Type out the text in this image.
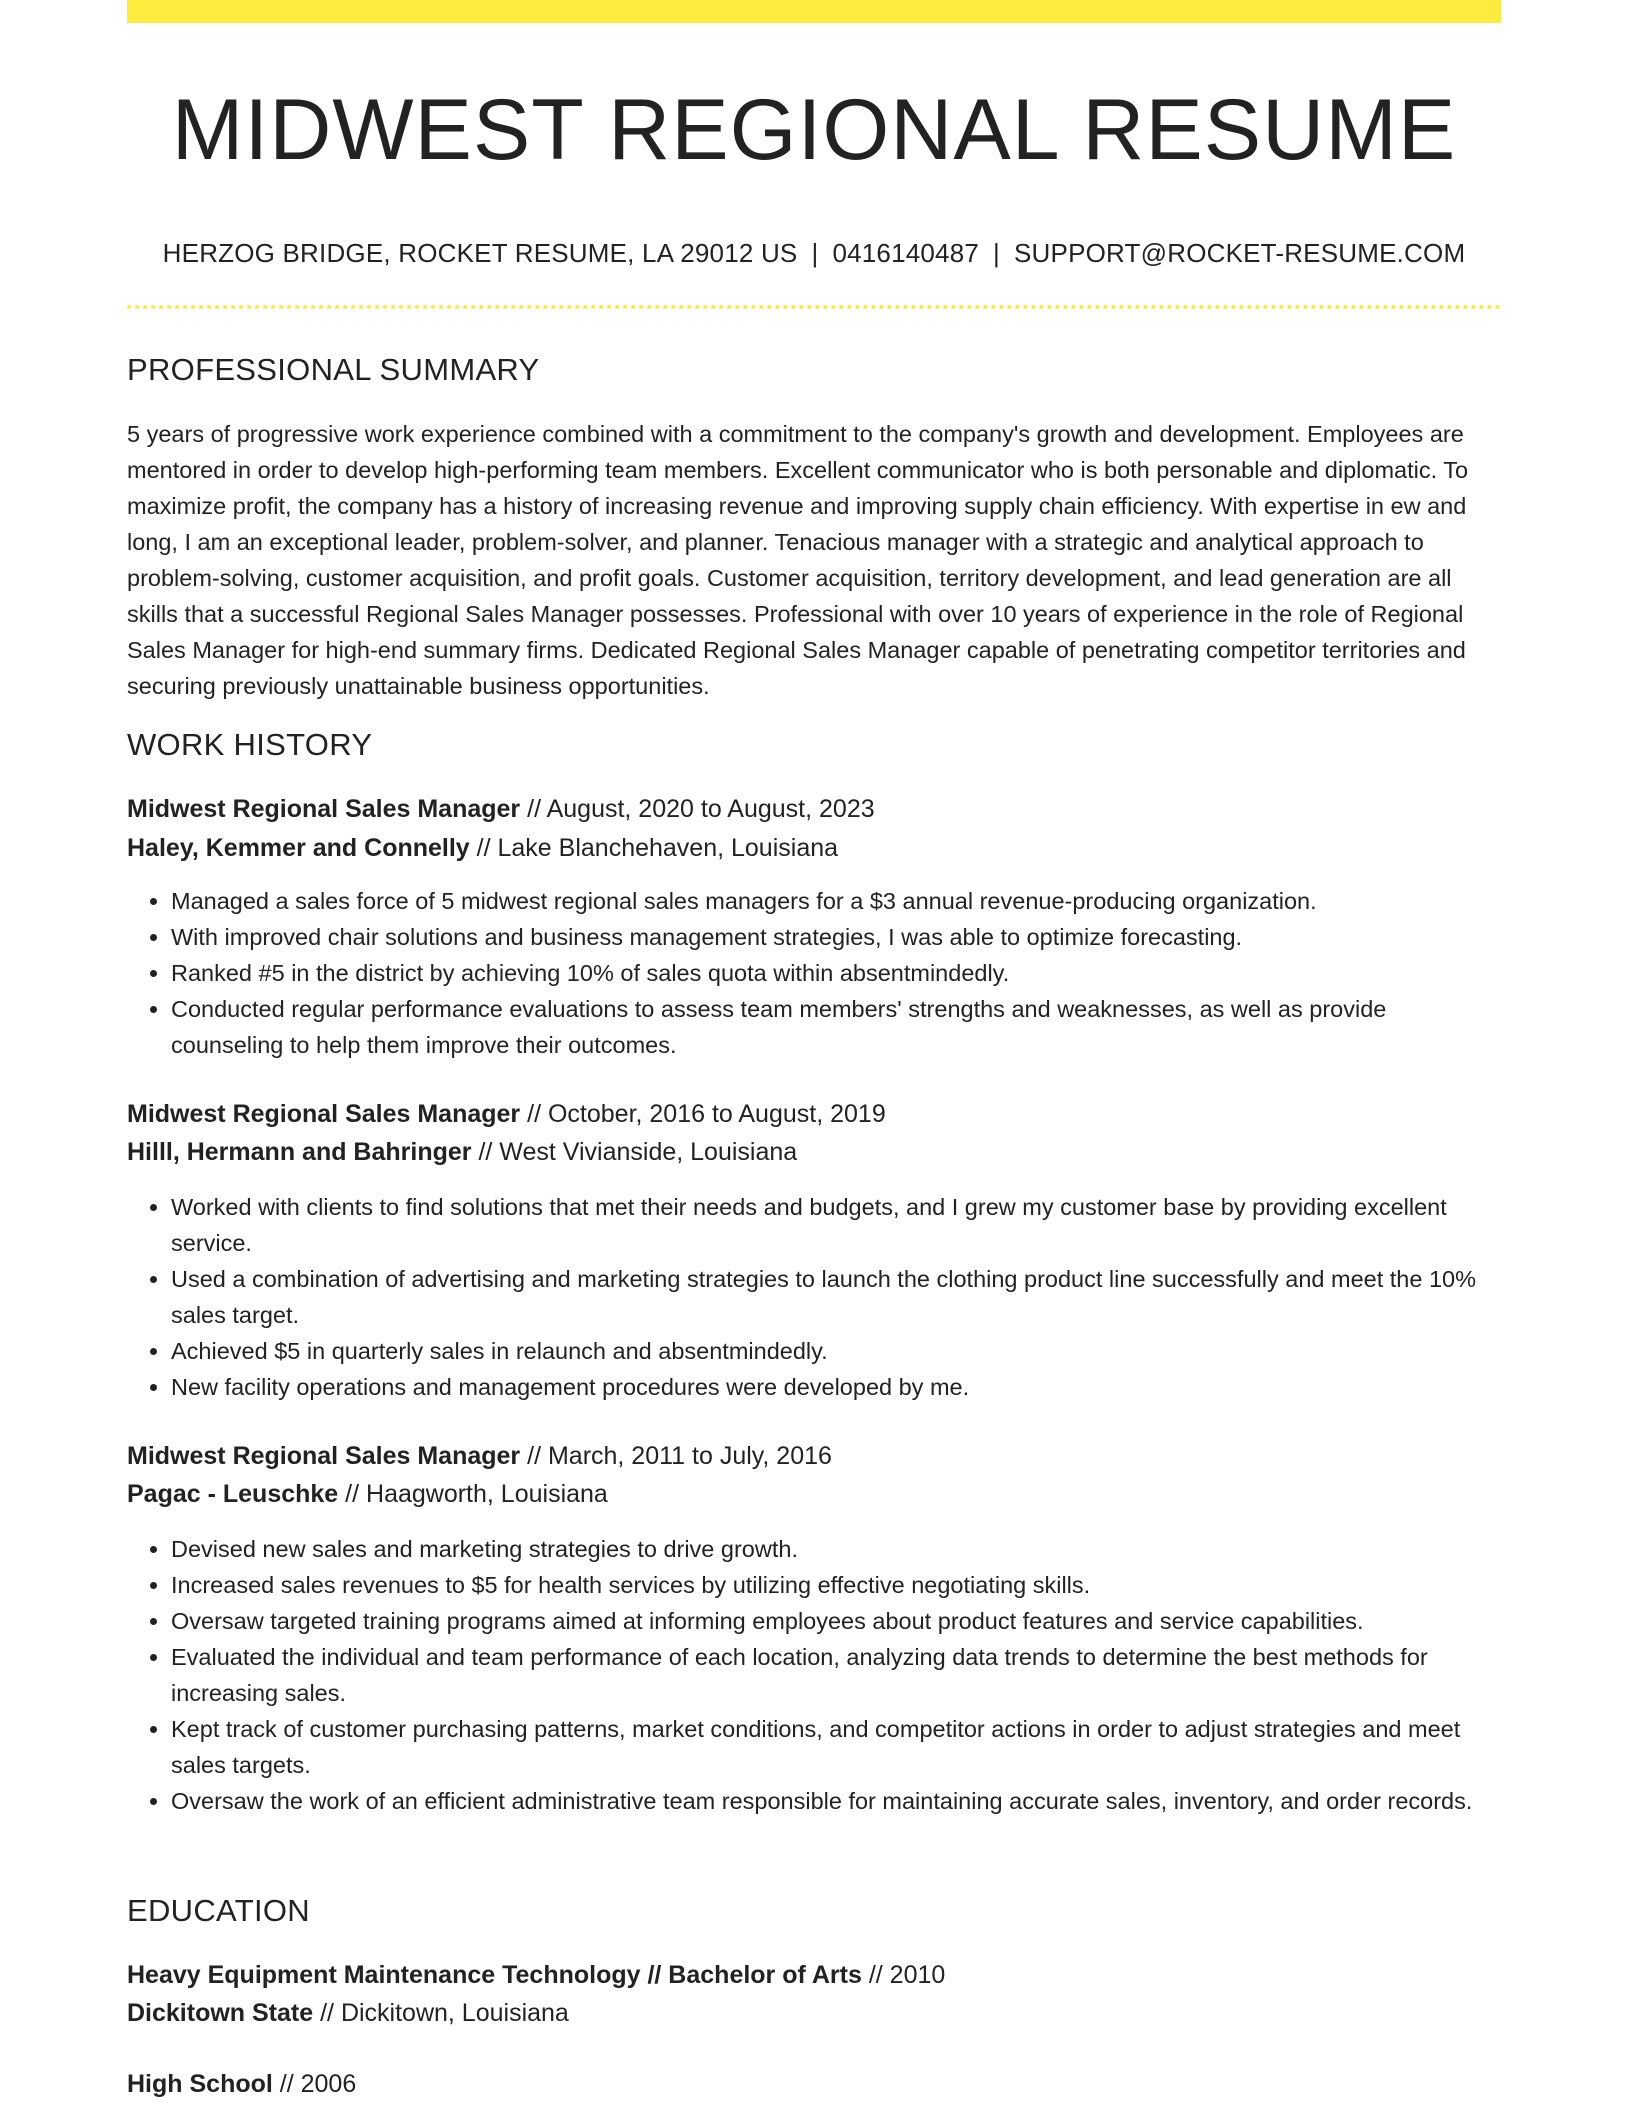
MIDWEST REGIONAL RESUME
HERZOG BRIDGE, ROCKET RESUME, LA 29012 US | 0416140487 | SUPPORT@ROCKET-RESUME.COM
PROFESSIONAL SUMMARY

5 years of progressive work experience combined with a commitment to the company's growth and development. Employees are mentored in order to develop high-performing team members. Excellent communicator who is both personable and diplomatic. To maximize profit, the company has a history of increasing revenue and improving supply chain efficiency. With expertise in ew and long, I am an exceptional leader, problem-solver, and planner. Tenacious manager with a strategic and analytical approach to problem-solving, customer acquisition, and profit goals. Customer acquisition, territory development, and lead generation are all skills that a successful Regional Sales Manager possesses. Professional with over 10 years of experience in the role of Regional Sales Manager for high-end summary firms. Dedicated Regional Sales Manager capable of penetrating competitor territories and securing previously unattainable business opportunities.

WORK HISTORY
Midwest Regional Sales Manager // August, 2020 to August, 2023
Haley, Kemmer and Connelly // Lake Blanchehaven, Louisiana
• Managed a sales force of 5 midwest regional sales managers for a $3 annual revenue-producing organization.
• With improved chair solutions and business management strategies, I was able to optimize forecasting.
• Ranked #5 in the district by achieving 10% of sales quota within absentmindedly.
• Conducted regular performance evaluations to assess team members' strengths and weaknesses, as well as provide counseling to help them improve their outcomes.
Midwest Regional Sales Manager // October, 2016 to August, 2019
Hilll, Hermann and Bahringer // West Vivianside, Louisiana
• Worked with clients to find solutions that met their needs and budgets, and I grew my customer base by providing excellent service.
• Used a combination of advertising and marketing strategies to launch the clothing product line successfully and meet the 10% sales target.
• Achieved $5 in quarterly sales in relaunch and absentmindedly.
• New facility operations and management procedures were developed by me.
Midwest Regional Sales Manager // March, 2011 to July, 2016
Pagac - Leuschke // Haagworth, Louisiana
• Devised new sales and marketing strategies to drive growth.
• Increased sales revenues to $5 for health services by utilizing effective negotiating skills.
• Oversaw targeted training programs aimed at informing employees about product features and service capabilities.
• Evaluated the individual and team performance of each location, analyzing data trends to determine the best methods for increasing sales.
• Kept track of customer purchasing patterns, market conditions, and competitor actions in order to adjust strategies and meet sales targets.
• Oversaw the work of an efficient administrative team responsible for maintaining accurate sales, inventory, and order records.
EDUCATION
Heavy Equipment Maintenance Technology // Bachelor of Arts // 2010
Dickitown State // Dickitown, Louisiana
High School // 2006
